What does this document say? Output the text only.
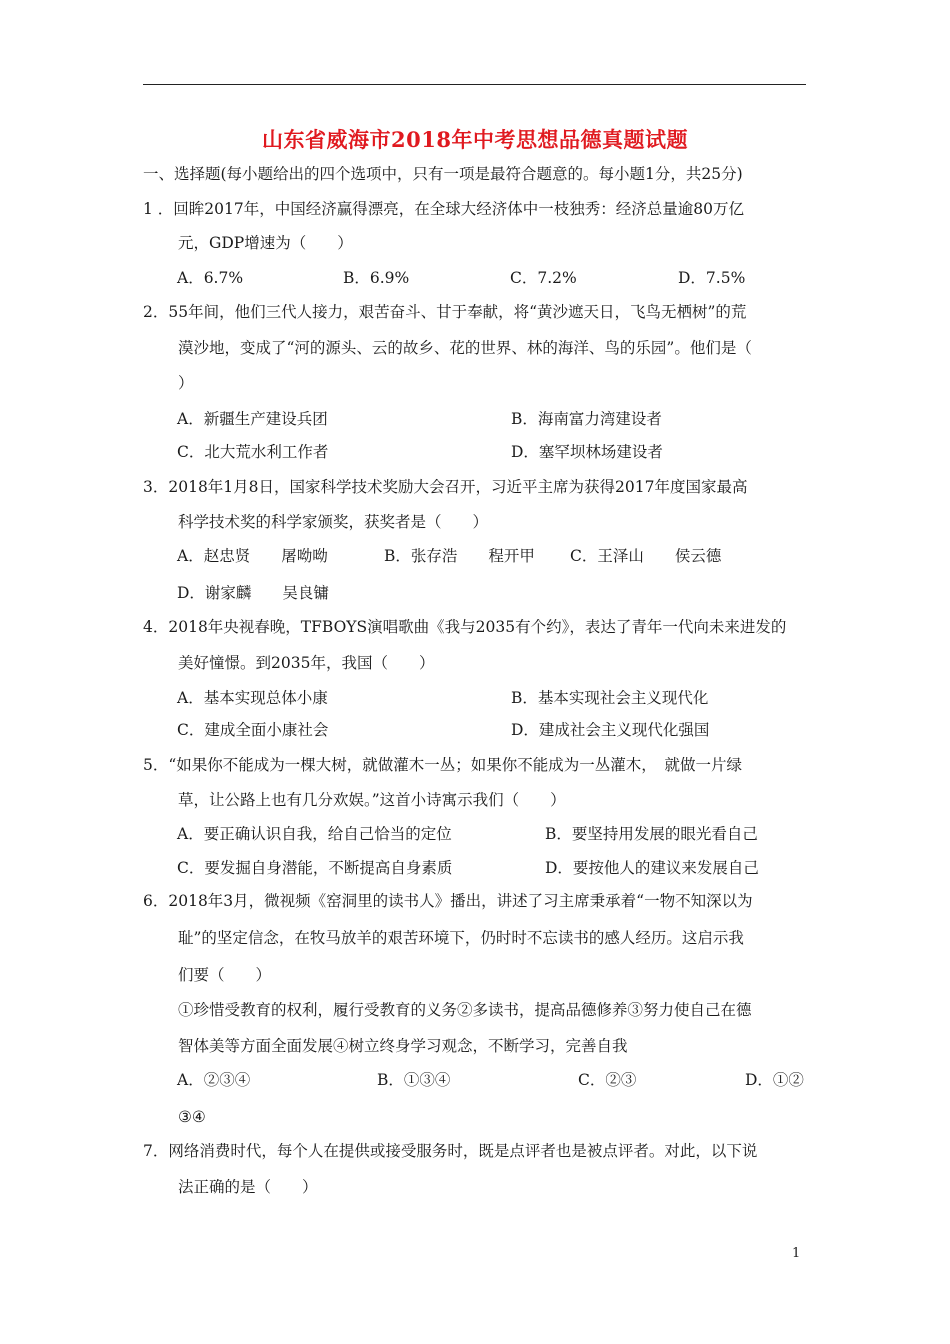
山东省威海市2018年中考思想品德真题试题
一、选择题(每小题给出的四个选项中，只有一项是最符合题意的。每小题1分，共25分)
1 ．回眸2017年，中国经济赢得漂亮，在全球大经济体中一枝独秀：经济总量逾80万亿
元，GDP增速为（　　）
A．6.7%	B．6.9%	C．7.2%	D．7.5%
2．55年间，他们三代人接力，艰苦奋斗、甘于奉献，将“黄沙遮天日，飞鸟无栖树”的荒
漠沙地，变成了“河的源头、云的故乡、花的世界、林的海洋、鸟的乐园”。他们是（
）
A．新疆生产建设兵团	B．海南富力湾建设者
C．北大荒水利工作者	D．塞罕坝林场建设者
3．2018年1月8日，国家科学技术奖励大会召开，习近平主席为获得2017年度国家最高
科学技术奖的科学家颁奖，获奖者是（　　）
A．赵忠贤　　屠呦呦	B．张存浩　　程开甲 C．王泽山　　侯云德
D．谢家麟　　吴良镛
4．2018年央视春晚，TFBOYS演唱歌曲《我与2035有个约》，表达了青年一代向未来进发的
美好憧憬。到2035年，我国（　　）
A．基本实现总体小康	B．基本实现社会主义现代化
C．建成全面小康社会	D．建成社会主义现代化强国
5．“如果你不能成为一棵大树，就做灌木一丛；如果你不能成为一丛灌木，　就做一片绿
草，让公路上也有几分欢娱。”这首小诗寓示我们（　　）
A．要正确认识自我，给自己恰当的定位	B．要坚持用发展的眼光看自己
C．要发掘自身潜能，不断提高自身素质	D．要按他人的建议来发展自己
6．2018年3月，微视频《窑洞里的读书人》播出，讲述了习主席秉承着“一物不知深以为
耻”的坚定信念，在牧马放羊的艰苦环境下，仍时时不忘读书的感人经历。这启示我
们要（　　）
①珍惜受教育的权利，履行受教育的义务②多读书，提高品德修养③努力使自己在德
智体美等方面全面发展④树立终身学习观念，不断学习，完善自我
A．②③④	B．①③④	C．②③	D．①②
③④
7．网络消费时代，每个人在提供或接受服务时，既是点评者也是被点评者。对此，以下说
法正确的是（　　）
1
